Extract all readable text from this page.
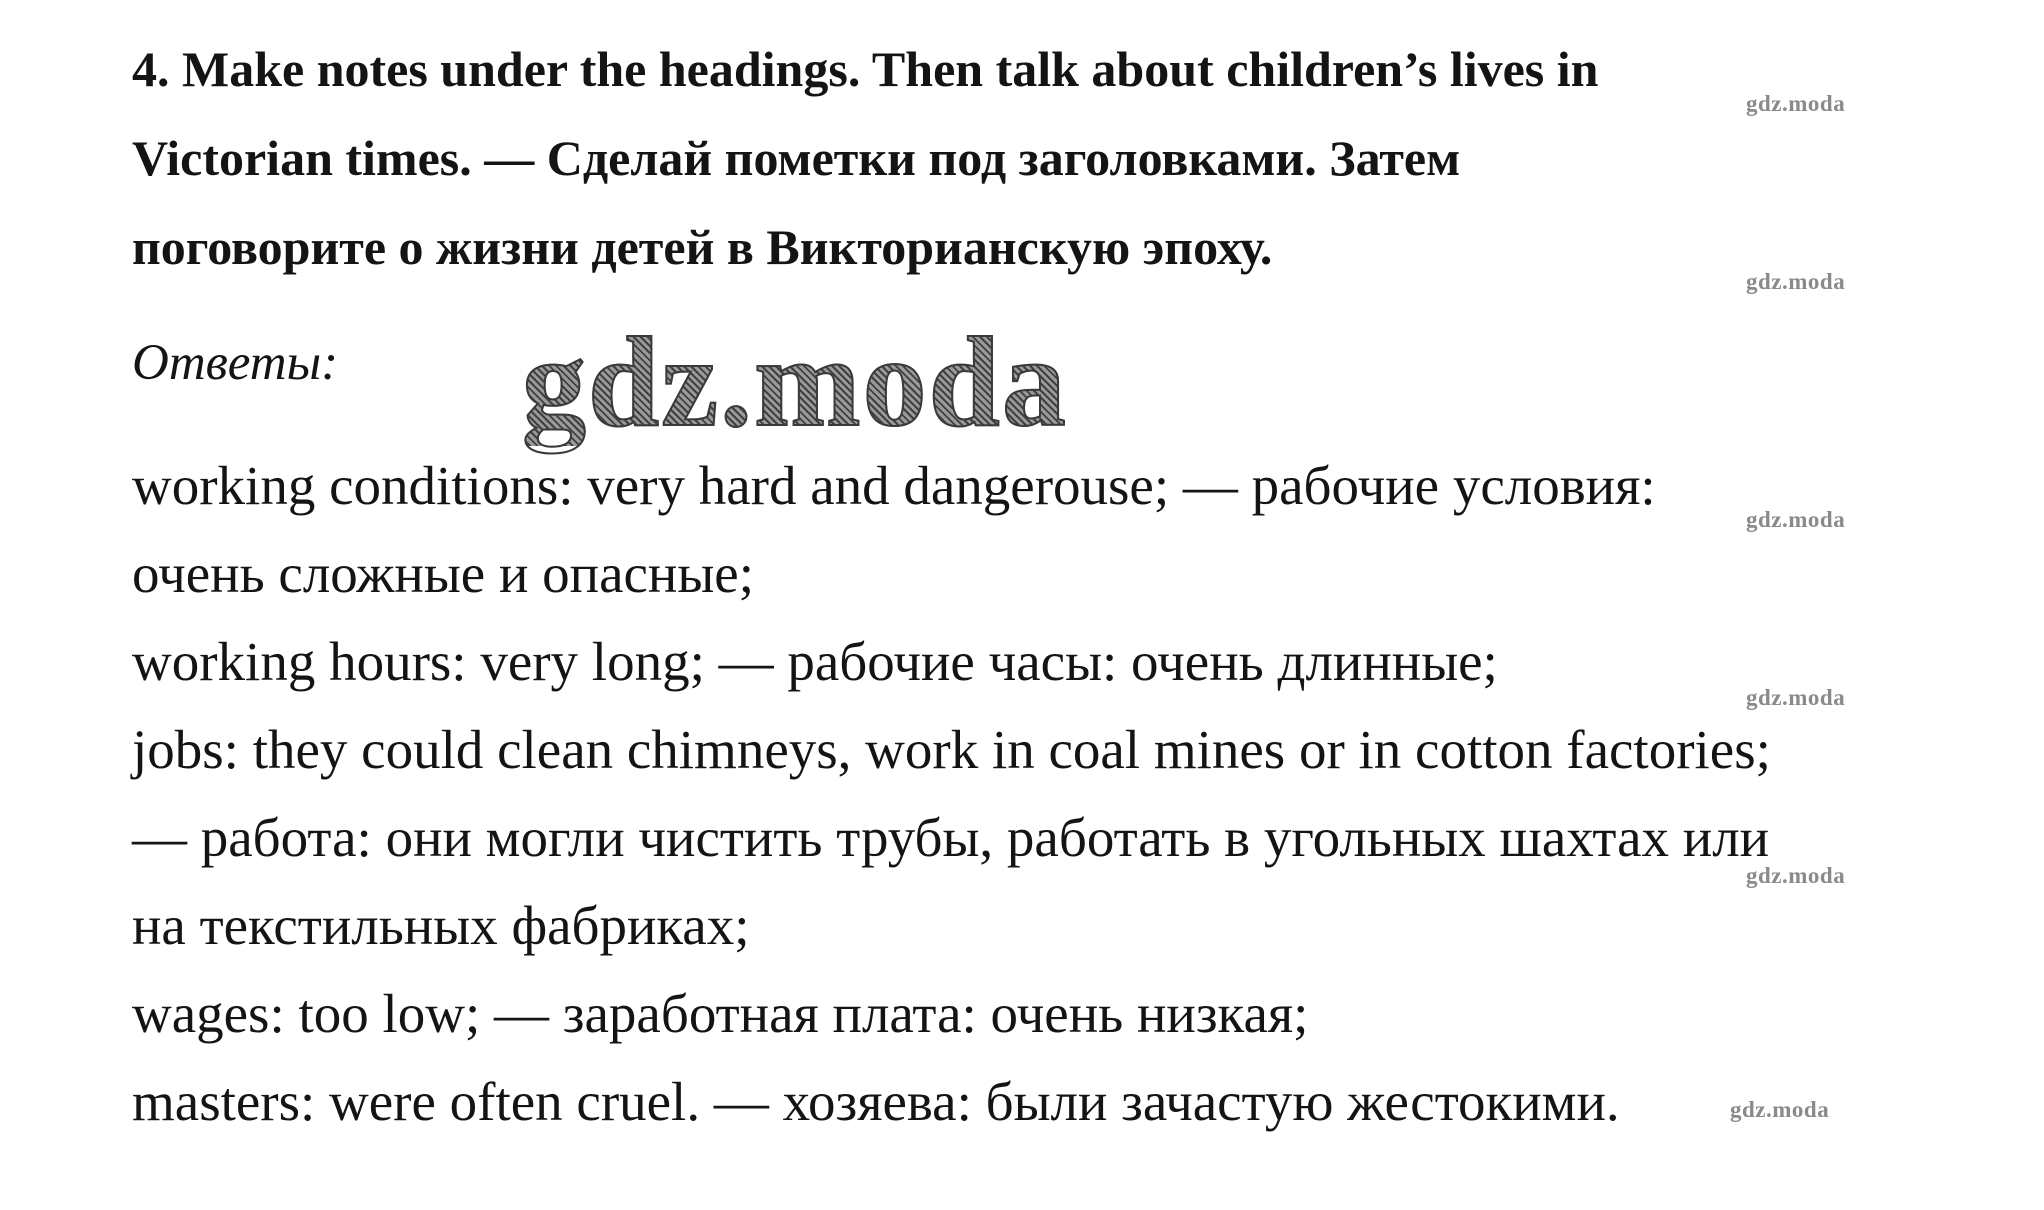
4. Make notes under the headings. Then talk about children’s lives in
Victorian times. — Сделай пометки под заголовками. Затем
поговорите о жизни детей в Викторианскую эпоху.
Ответы: gdz.moda
working conditions: very hard and dangerouse; — рабочие условия:
очень сложные и опасные;
working hours: very long; — рабочие часы: очень длинные;
jobs: they could clean chimneys, work in coal mines or in cotton factories;
— работа: они могли чистить трубы, работать в угольных шахтах или
на текстильных фабриках;
wages: too low; — заработная плата: очень низкая;
masters: were often cruel. — хозяева: были зачастую жестокими.
gdz.moda
gdz.moda
gdz.moda
gdz.moda
gdz.moda
gdz.moda
